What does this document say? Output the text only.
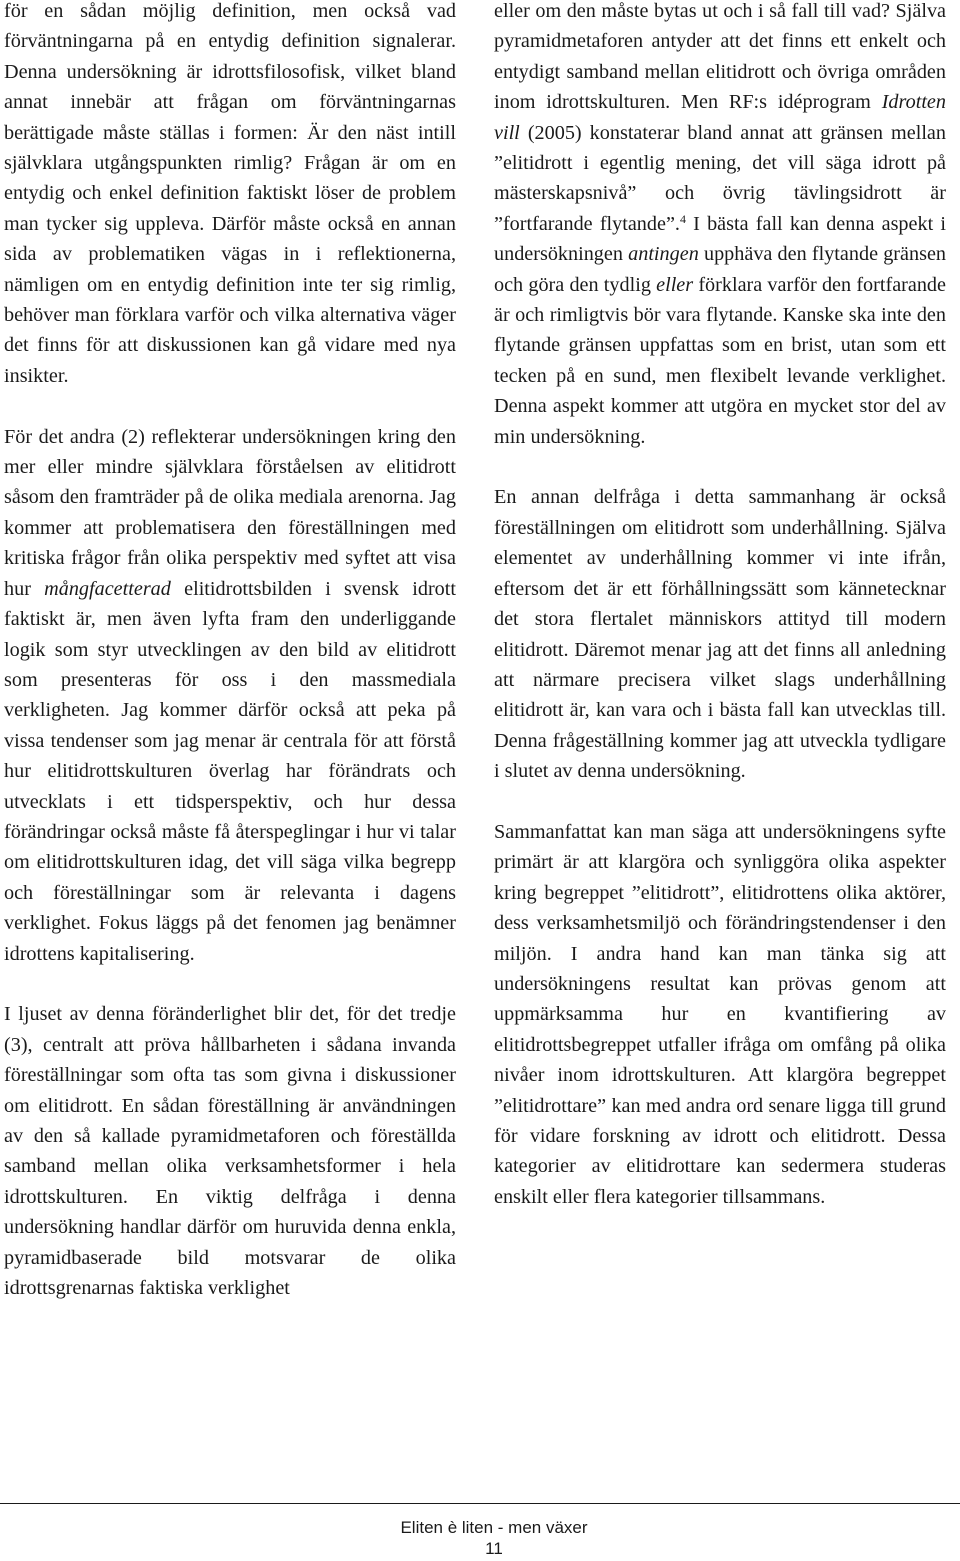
för en sådan möjlig definition, men också vad förväntningarna på en entydig definition signalerar. Denna undersökning är idrottsfilosofisk, vilket bland annat innebär att frågan om förväntningarnas berättigade måste ställas i formen: Är den näst intill självklara utgångspunkten rimlig? Frågan är om en entydig och enkel definition faktiskt löser de problem man tycker sig uppleva. Därför måste också en annan sida av problematiken vägas in i reflektionerna, nämligen om en entydig definition inte ter sig rimlig, behöver man förklara varför och vilka alternativa väger det finns för att diskussionen kan gå vidare med nya insikter.

För det andra (2) reflekterar undersökningen kring den mer eller mindre självklara förståelsen av elitidrott såsom den framträder på de olika mediala arenorna. Jag kommer att problematisera den föreställningen med kritiska frågor från olika perspektiv med syftet att visa hur mångfacetterad elitidrottsbilden i svensk idrott faktiskt är, men även lyfta fram den underliggande logik som styr utvecklingen av den bild av elitidrott som presenteras för oss i den massmediala verkligheten. Jag kommer därför också att peka på vissa tendenser som jag menar är centrala för att förstå hur elitidrottskulturen överlag har förändrats och utvecklats i ett tidsperspektiv, och hur dessa förändringar också måste få återspeglingar i hur vi talar om elitidrottskulturen idag, det vill säga vilka begrepp och föreställningar som är relevanta i dagens verklighet. Fokus läggs på det fenomen jag benämner idrottens kapitalisering.

I ljuset av denna föränderlighet blir det, för det tredje (3), centralt att pröva hållbarheten i sådana invanda föreställningar som ofta tas som givna i diskussioner om elitidrott. En sådan föreställning är användningen av den så kallade pyramidmetaforen och föreställda samband mellan olika verksamhetsformer i hela idrottskulturen. En viktig delfråga i denna undersökning handlar därför om huruvida denna enkla, pyramidbaserade bild motsvarar de olika idrottsgrenarnas faktiska verklighet

eller om den måste bytas ut och i så fall till vad? Själva pyramidmetaforen antyder att det finns ett enkelt och entydigt samband mellan elitidrott och övriga områden inom idrottskulturen. Men RF:s idéprogram Idrotten vill (2005) konstaterar bland annat att gränsen mellan ”elitidrott i egentlig mening, det vill säga idrott på mästerskapsnivå” och övrig tävlingsidrott är ”fortfarande flytande”.$^4$ I bästa fall kan denna aspekt i undersökningen antingen upphäva den flytande gränsen och göra den tydlig eller förklara varför den fortfarande är och rimligtvis bör vara flytande. Kanske ska inte den flytande gränsen uppfattas som en brist, utan som ett tecken på en sund, men flexibelt levande verklighet. Denna aspekt kommer att utgöra en mycket stor del av min undersökning.

En annan delfråga i detta sammanhang är också föreställningen om elitidrott som underhållning. Själva elementet av underhållning kommer vi inte ifrån, eftersom det är ett förhållningssätt som kännetecknar det stora flertalet människors attityd till modern elitidrott. Däremot menar jag att det finns all anledning att närmare precisera vilket slags underhållning elitidrott är, kan vara och i bästa fall kan utvecklas till. Denna frågeställning kommer jag att utveckla tydligare i slutet av denna undersökning.

Sammanfattat kan man säga att undersökningens syfte primärt är att klargöra och synliggöra olika aspekter kring begreppet ”elitidrott”, elitidrottens olika aktörer, dess verksamhetsmiljö och förändringstendenser i den miljön. I andra hand kan man tänka sig att undersökningens resultat kan prövas genom att uppmärksamma hur en kvantifiering av elitidrottsbegreppet utfaller ifråga om omfång på olika nivåer inom idrottskulturen. Att klargöra begreppet ”elitidrottare” kan med andra ord senare ligga till grund för vidare forskning av idrott och elitidrott. Dessa kategorier av elitidrottare kan sedermera studeras enskilt eller flera kategorier tillsammans.

Eliten è liten - men växer
11
